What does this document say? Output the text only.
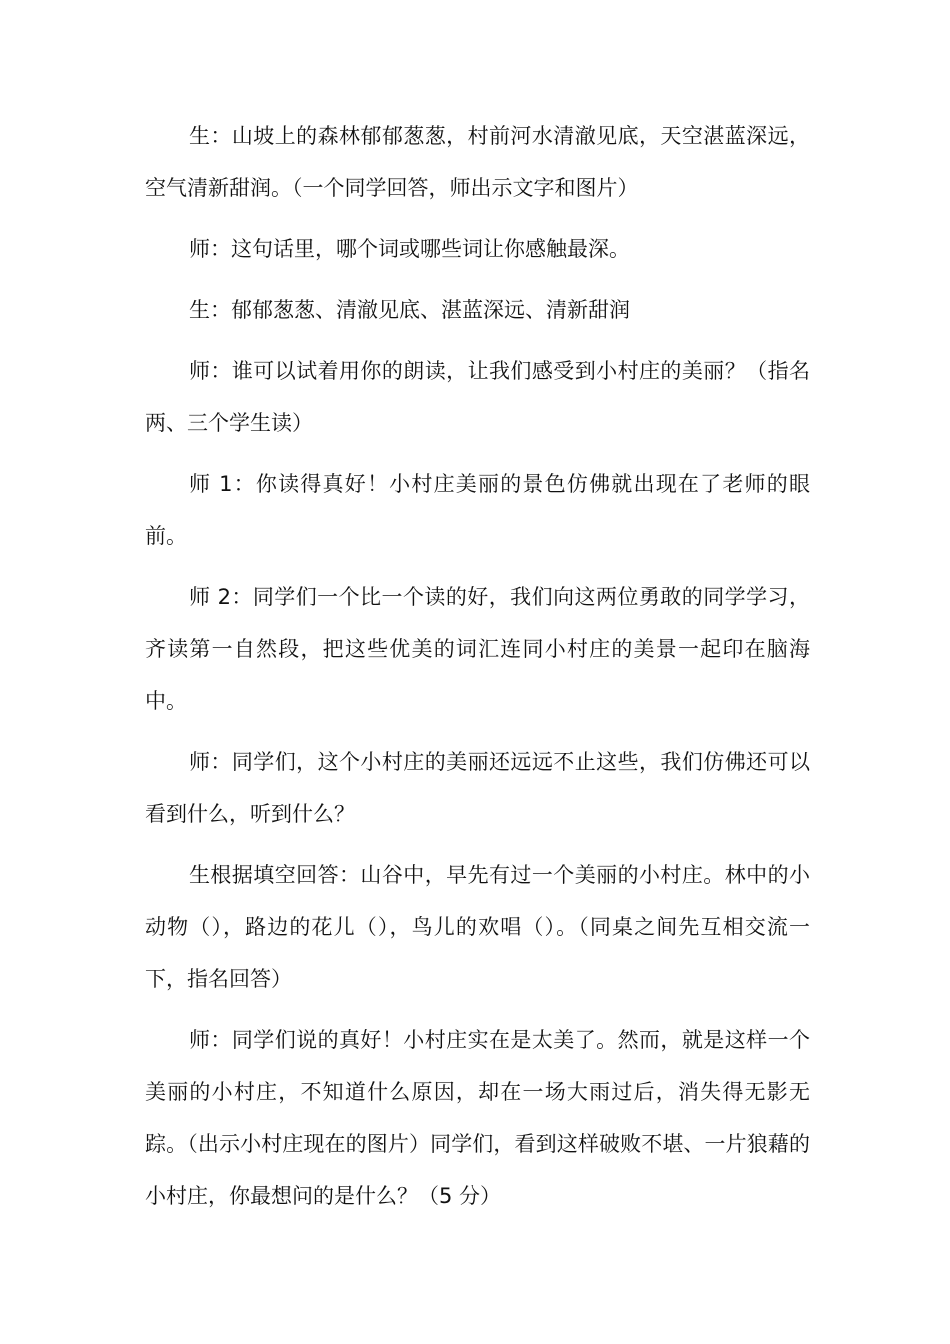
生：山坡上的森林郁郁葱葱，村前河水清澈见底，天空湛蓝深远，空气清新甜润。（一个同学回答，师出示文字和图片）

师：这句话里，哪个词或哪些词让你感触最深。

生：郁郁葱葱、清澈见底、湛蓝深远、清新甜润

师：谁可以试着用你的朗读，让我们感受到小村庄的美丽？（指名两、三个学生读）

师 1：你读得真好！小村庄美丽的景色仿佛就出现在了老师的眼前。

师 2：同学们一个比一个读的好，我们向这两位勇敢的同学学习，齐读第一自然段，把这些优美的词汇连同小村庄的美景一起印在脑海中。

师：同学们，这个小村庄的美丽还远远不止这些，我们仿佛还可以看到什么，听到什么？

生根据填空回答：山谷中，早先有过一个美丽的小村庄。林中的小动物（），路边的花儿（），鸟儿的欢唱（）。（同桌之间先互相交流一下，指名回答）

师：同学们说的真好！小村庄实在是太美了。然而，就是这样一个美丽的小村庄，不知道什么原因，却在一场大雨过后，消失得无影无踪。（出示小村庄现在的图片）同学们，看到这样破败不堪、一片狼藉的小村庄，你最想问的是什么？（5 分）
